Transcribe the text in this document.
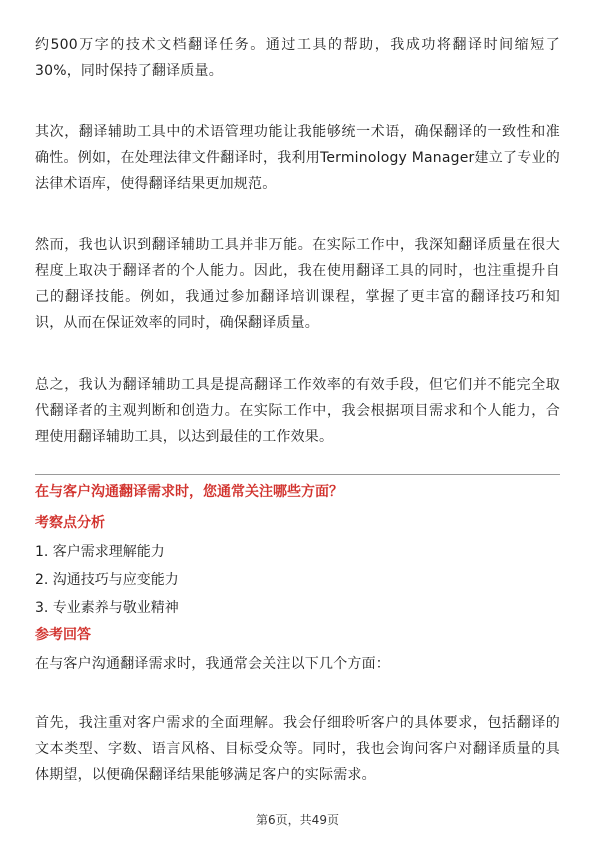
约500万字的技术文档翻译任务。通过工具的帮助，我成功将翻译时间缩短了30%，同时保持了翻译质量。

其次，翻译辅助工具中的术语管理功能让我能够统一术语，确保翻译的一致性和准确性。例如，在处理法律文件翻译时，我利用Terminology Manager建立了专业的法律术语库，使得翻译结果更加规范。

然而，我也认识到翻译辅助工具并非万能。在实际工作中，我深知翻译质量在很大程度上取决于翻译者的个人能力。因此，我在使用翻译工具的同时，也注重提升自己的翻译技能。例如，我通过参加翻译培训课程，掌握了更丰富的翻译技巧和知识，从而在保证效率的同时，确保翻译质量。

总之，我认为翻译辅助工具是提高翻译工作效率的有效手段，但它们并不能完全取代翻译者的主观判断和创造力。在实际工作中，我会根据项目需求和个人能力，合理使用翻译辅助工具，以达到最佳的工作效果。

在与客户沟通翻译需求时，您通常关注哪些方面？

考察点分析

1. 客户需求理解能力
2. 沟通技巧与应变能力
3. 专业素养与敬业精神

参考回答

在与客户沟通翻译需求时，我通常会关注以下几个方面：

首先，我注重对客户需求的全面理解。我会仔细聆听客户的具体要求，包括翻译的文本类型、字数、语言风格、目标受众等。同时，我也会询问客户对翻译质量的具体期望，以便确保翻译结果能够满足客户的实际需求。

第6页，共49页
